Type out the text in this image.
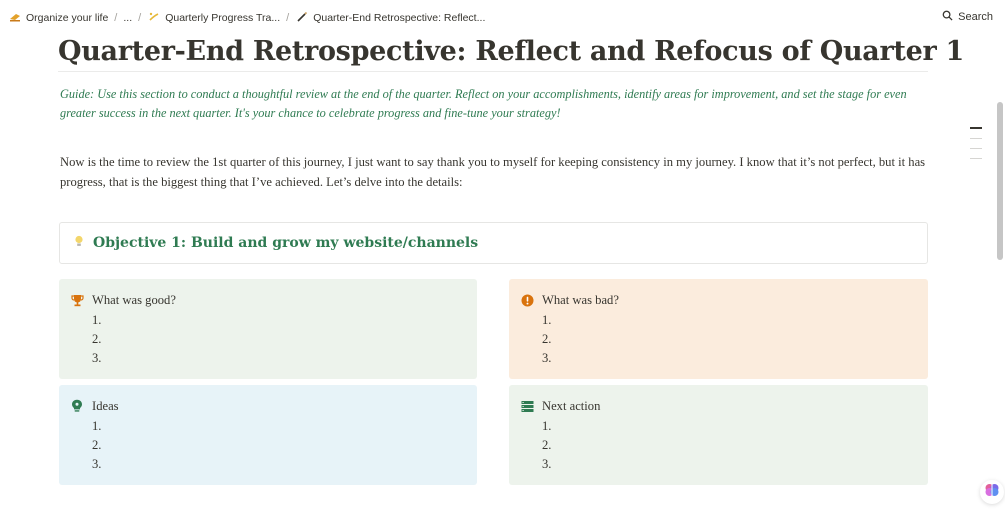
Organize your life / ... / Quarterly Progress Tra... / Quarter-End Retrospective: Reflect...	Search
Quarter-End Retrospective: Reflect and Refocus of Quarter 1
Guide: Use this section to conduct a thoughtful review at the end of the quarter. Reflect on your accomplishments, identify areas for improvement, and set the stage for even greater success in the next quarter. It's your chance to celebrate progress and fine-tune your strategy!
Now is the time to review the 1st quarter of this journey, I just want to say thank you to myself for keeping consistency in my journey. I know that it’s not perfect, but it has progress, that is the biggest thing that I’ve achieved. Let’s delve into the details:
Objective 1: Build and grow my website/channels
What was good?
1.
2.
3.
What was bad?
1.
2.
3.
Ideas
1.
2.
3.
Next action
1.
2.
3.
